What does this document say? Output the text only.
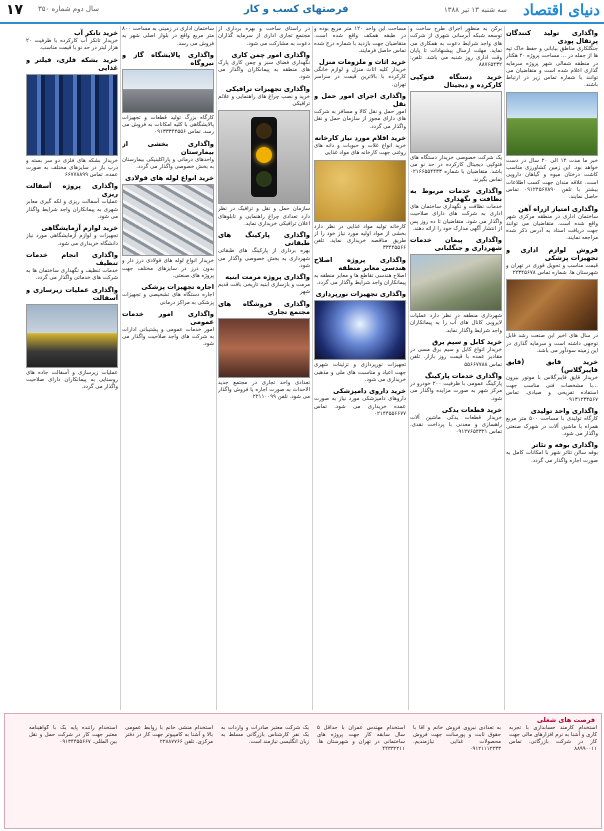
۱۷ سال دوم شماره ۳۵۰	فرصتهای کسب و کار	سه شنبه ۱۳ تیر ۱۳۸۸ دنیای اقتصاد
واگذاری تولید کنندگان پرتقال پودی
جنگلکاری مناطق بیابانی و حفظ خاک تپه ها از جمله در ... مساحت پروژه ۲۰ هکتار در منطقه شمالی شهر پروژه سرمایه گذاری اعلام شده است و متقاضیان می توانند با شماره تماس زیر در ارتباط باشند.
خبر ما مدت ۱۲ الی ۲۰ سال در دست خواهد بود. این زمین کشاورزی مناسب کاشت درختان میوه و گیاهان دارویی است. علاقه مندان جهت کسب اطلاعات بیشتر با تلفن ۰۹۱۲۴۵۶۷۸۹۰ تماس حاصل نمایند.
واگذاری امتیاز ازراه آهن
ساختمان اداری در منطقه مرکزی شهر واقع شده است. متقاضیان می توانند جهت دریافت اسناد به آدرس ذکر شده مراجعه نمایند.
فروش لوازم اداری و تجهیزات پزشکی
قیمت مناسب و تحویل فوری در تهران و شهرستان ها. شماره تماس ۲۲۳۴۵۶۷۸
در سال های اخیر این صنعت رشد قابل توجهی داشته است و سرمایه گذاری در این زمینه سودآور می باشد.
خرید قایق (قایق فایبرگلاس)
خریدار قایق فایبرگلاس با موتور بیرون ...با مشخصات فنی مناسب جهت استفاده تفریحی و صیادی. تماس ۰۹۱۳۱۲۳۴۵۶۷
واگذاری واحد تولیدی
کارگاه تولیدی با مساحت ۵۰۰ متر مربع همراه با ماشین آلات در شهرک صنعتی واگذار می شود.
واگذاری بوفه و تئاتر
بوفه سالن تئاتر شهر با امکانات کامل به صورت اجاره واگذار می گردد.
برکن به منظور اجرای طرح ساخت و توسعه شبکه آبرسانی شهری از شرکت های واجد شرایط دعوت به همکاری می نماید. مهلت ارسال پیشنهادات تا پایان وقت اداری روز شنبه می باشد. تلفن: ۸۸۷۶۵۴۳۲
خرید دستگاه فتوکپی کارکرده و دیجیتال
یک شرکت خصوصی خریدار دستگاه های فتوکپی دیجیتال کارکرده در حد نو می باشد. متقاضیان با شماره ۰۲۱۶۶۵۵۴۴۳۳ تماس بگیرند.
واگذاری خدمات مربوط به نظافت و نگهداری
خدمات نظافت و نگهداری ساختمان های اداری به شرکت های دارای صلاحیت واگذار می شود. متقاضیان تا ده روز پس از انتشار آگهی مدارک خود را ارائه دهند.
واگذاری پیمان خدمات شهرداری و جنگلبانی
شهرداری منطقه در نظر دارد عملیات لایروبی کانال های آب را به پیمانکاران واجد شرایط واگذار نماید.
خرید کابل و سیم برق
خریدار انواع کابل و سیم برق مسی در مقادیر عمده با قیمت روز بازار. تلفن تماس ۵۵۶۶۷۷۸۸
واگذاری خدمات پارکینگ
پارکینگ عمومی با ظرفیت ۲۰۰ خودرو در مرکز شهر به صورت مزایده واگذار می شود.
خرید قطعات یدکی
خریدار قطعات یدکی ماشین آلات راهسازی و معدنی با پرداخت نقدی. تماس ۰۹۱۲۷۶۵۴۳۲۱
مساحت این واحد ۱۲۰ متر مربع بوده و در طبقه همکف واقع شده است. متقاضیان جهت بازدید با شماره درج شده تماس حاصل فرمایند.
خرید اثاث و ملزومات منزل
خریدار کلیه اثاث منزل و لوازم خانگی کارکرده با بالاترین قیمت در سراسر تهران.
واگذاری اجرای امور حمل و نقل
امور حمل و نقل کالا و مسافر به شرکت های دارای مجوز از سازمان حمل و نقل واگذار می گردد.
خرید اقلام مورد نیاز کارخانه
خرید انواع غلات و حبوبات و دانه های روغنی جهت کارخانه های مواد غذایی
کارخانه تولید مواد غذایی در نظر دارد بخشی از مواد اولیه مورد نیاز خود را از طریق مناقصه خریداری نماید. تلفن ۳۳۴۴۵۵۶۶
واگذاری پروژه اصلاح هندسی معابر منطقه
اصلاح هندسی تقاطع ها و معابر منطقه به پیمانکاران واجد شرایط واگذار می گردد.
واگذاری تجهیزات نورپردازی
تجهیزات نورپردازی و تزئینات شهری جهت اعیاد و مناسبت های ملی و مذهبی خریداری می شود.
خرید داروی دامپزشکی
داروهای دامپزشکی مورد نیاز به صورت عمده خریداری می شود. تماس ۰۲۱۴۴۵۵۶۶۷۷
در راستای ساخت و بهره برداری از مجتمع تجاری اداری از سرمایه گذاران دعوت به مشارکت می شود.
واگذاری امور چمن کاری
نگهداری فضای سبز و چمن کاری پارک های منطقه به پیمانکاران واگذار می شود.
واگذاری تجهیزات ترافیکی
خرید و نصب چراغ های راهنمایی و علائم ترافیکی
سازمان حمل و نقل و ترافیک در نظر دارد تعدادی چراغ راهنمایی و تابلوهای اعلان ترافیکی خریداری نماید.
واگذاری پارکینگ های طبقاتی
بهره برداری از پارکینگ های طبقاتی شهرداری به بخش خصوصی واگذار می شود.
واگذاری پروژه مرمت ابنیه
مرمت و بازسازی ابنیه تاریخی بافت قدیم شهر
واگذاری فروشگاه های مجتمع تجاری
تعدادی واحد تجاری در مجتمع جدید الاحداث به صورت اجاره یا فروش واگذار می شود. تلفن ۲۲۱۱۰۰۹۹
ساختمان اداری در زمینی به مساحت ۸۰۰ متر مربع واقع در بلوار اصلی شهر به فروش می رسد.
واگذاری پالایشگاه گاز و نیروگاه
کارگاه بزرگ تولید قطعات و تجهیزات پالایشگاهی با کلیه امکانات به فروش می رسد. تماس ۰۹۱۳۳۳۴۴۵۵۶
واگذاری بخشی از بیمارستان
واحدهای درمانی و پاراکلینیکی بیمارستان به بخش خصوصی واگذار می گردد.
خرید انواع لوله های فولادی
خریدار انواع لوله های فولادی درز دار و بدون درز در سایزهای مختلف جهت پروژه های صنعتی.
اجاره تجهیزات پزشکی
اجاره دستگاه های تشخیصی و تجهیزات پزشکی به مراکز درمانی
واگذاری امور خدمات عمومی
امور خدمات عمومی و پشتیبانی ادارات به شرکت های واجد صلاحیت واگذار می شود.
خرید تانکر آب
خریدار تانکر آب کارکرده با ظرفیت ۲۰ هزار لیتر در حد نو با قیمت مناسب.
خرید بشکه فلزی، فیلتر و غذایی
خریدار بشکه های فلزی دو سر بسته و درب باز در سایزهای مختلف به صورت عمده. تماس ۶۶۷۷۸۸۹۹
واگذاری پروژه آسفالت ریزی
عملیات آسفالت ریزی و لکه گیری معابر شهری به پیمانکاران واجد شرایط واگذار می شود.
خرید لوازم آزمایشگاهی
تجهیزات و لوازم آزمایشگاهی مورد نیاز دانشگاه خریداری می شود.
واگذاری انجام خدمات تنظیف
خدمات تنظیف و نگهداری ساختمان ها به شرکت های خدماتی واگذار می گردد.
واگذاری عملیات زیرسازی و آسفالت
عملیات زیرسازی و آسفالت جاده های روستایی به پیمانکاران دارای صلاحیت واگذار می گردد.
فرصت های شغلی
استخدام کارمند حسابداری با تجربه کاری و آشنا به نرم افزارهای مالی جهت کار در شرکت بازرگانی. تماس ۸۸۹۹۰۰۱۱
به تعدادی نیروی فروش خانم و آقا با حقوق ثابت و پورسانت جهت فروش محصولات غذایی نیازمندیم. ۰۹۱۲۱۱۱۲۲۳۳
استخدام مهندس عمران با حداقل ۵ سال سابقه کار جهت پروژه های ساختمانی در تهران و شهرستان ها. ۴۴۳۳۲۲۱۱
یک شرکت معتبر صادرات و واردات به یک نفر کارشناس بازرگانی مسلط به زبان انگلیسی نیازمند است.
استخدام منشی خانم با روابط عمومی بالا و آشنا به کامپیوتر جهت کار در دفتر مرکزی. تلفن ۲۲۸۸۷۷۶۶
استخدام راننده پایه یک با گواهینامه معتبر جهت کار در شرکت حمل و نقل بین المللی. ۰۹۱۳۴۴۵۵۶۶۷
